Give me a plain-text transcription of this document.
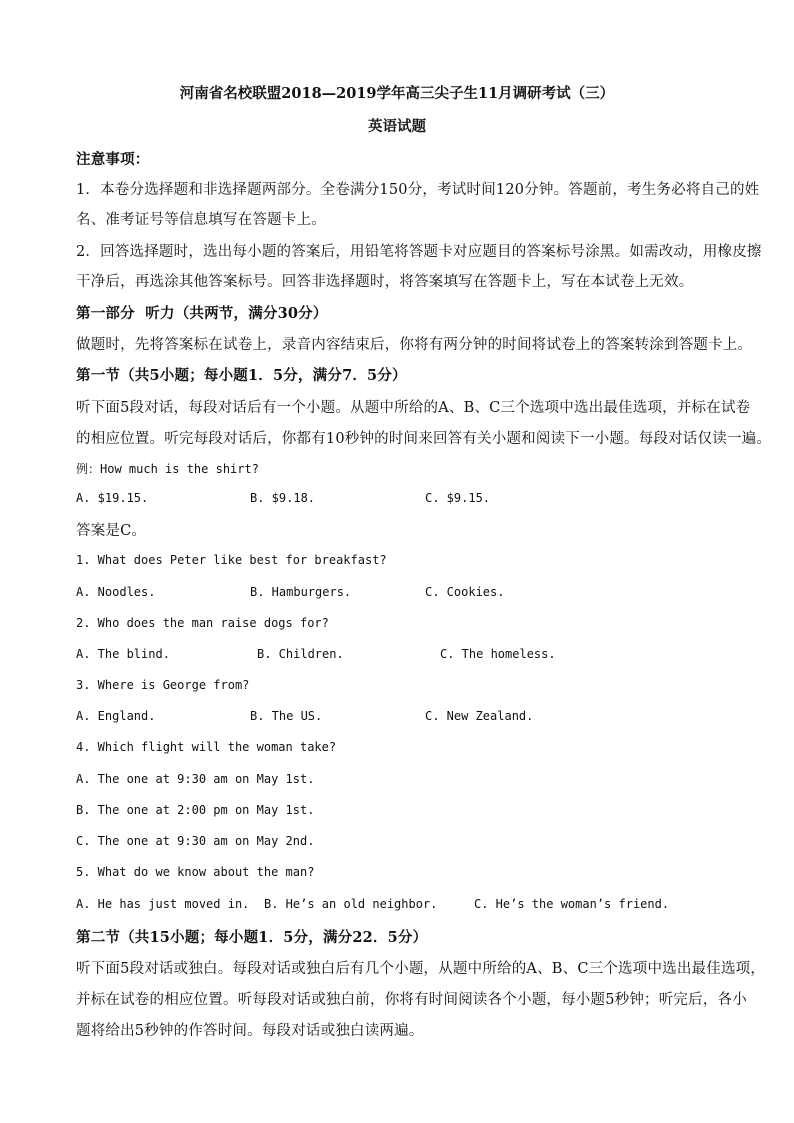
河南省名校联盟2018—2019学年高三尖子生11月调研考试（三）
英语试题
注意事项：
1．本卷分选择题和非选择题两部分。全卷满分150分，考试时间120分钟。答题前，考生务必将自己的姓
名、准考证号等信息填写在答题卡上。
2．回答选择题时，选出每小题的答案后，用铅笔将答题卡对应题目的答案标号涂黑。如需改动，用橡皮擦
干净后，再选涂其他答案标号。回答非选择题时，将答案填写在答题卡上，写在本试卷上无效。
第一部分  听力（共两节，满分30分）
做题时，先将答案标在试卷上，录音内容结束后，你将有两分钟的时间将试卷上的答案转涂到答题卡上。
第一节（共5小题；每小题1．5分，满分7．5分）
听下面5段对话，每段对话后有一个小题。从题中所给的A、B、C三个选项中选出最佳选项，并标在试卷
的相应位置。听完每段对话后，你都有10秒钟的时间来回答有关小题和阅读下一小题。每段对话仅读一遍。
例：How much is the shirt?
A. $19.15.	B. $9.18.	C. $9.15.
答案是C。
1. What does Peter like best for breakfast?
A. Noodles.	B. Hamburgers.	C. Cookies.
2. Who does the man raise dogs for?
A. The blind.	B. Children.	C. The homeless.
3. Where is George from?
A. England.	B. The US.	C. New Zealand.
4. Which flight will the woman take?
A. The one at 9:30 am on May 1st.
B. The one at 2:00 pm on May 1st.
C. The one at 9:30 am on May 2nd.
5. What do we know about the man?
A. He has just moved in. B. He’s an old neighbor.	C. He’s the woman’s friend.
第二节（共15小题；每小题1．5分，满分22．5分）
听下面5段对话或独白。每段对话或独白后有几个小题，从题中所给的A、B、C三个选项中选出最佳选项，
并标在试卷的相应位置。听每段对话或独白前，你将有时间阅读各个小题，每小题5秒钟；听完后，各小
题将给出5秒钟的作答时间。每段对话或独白读两遍。
